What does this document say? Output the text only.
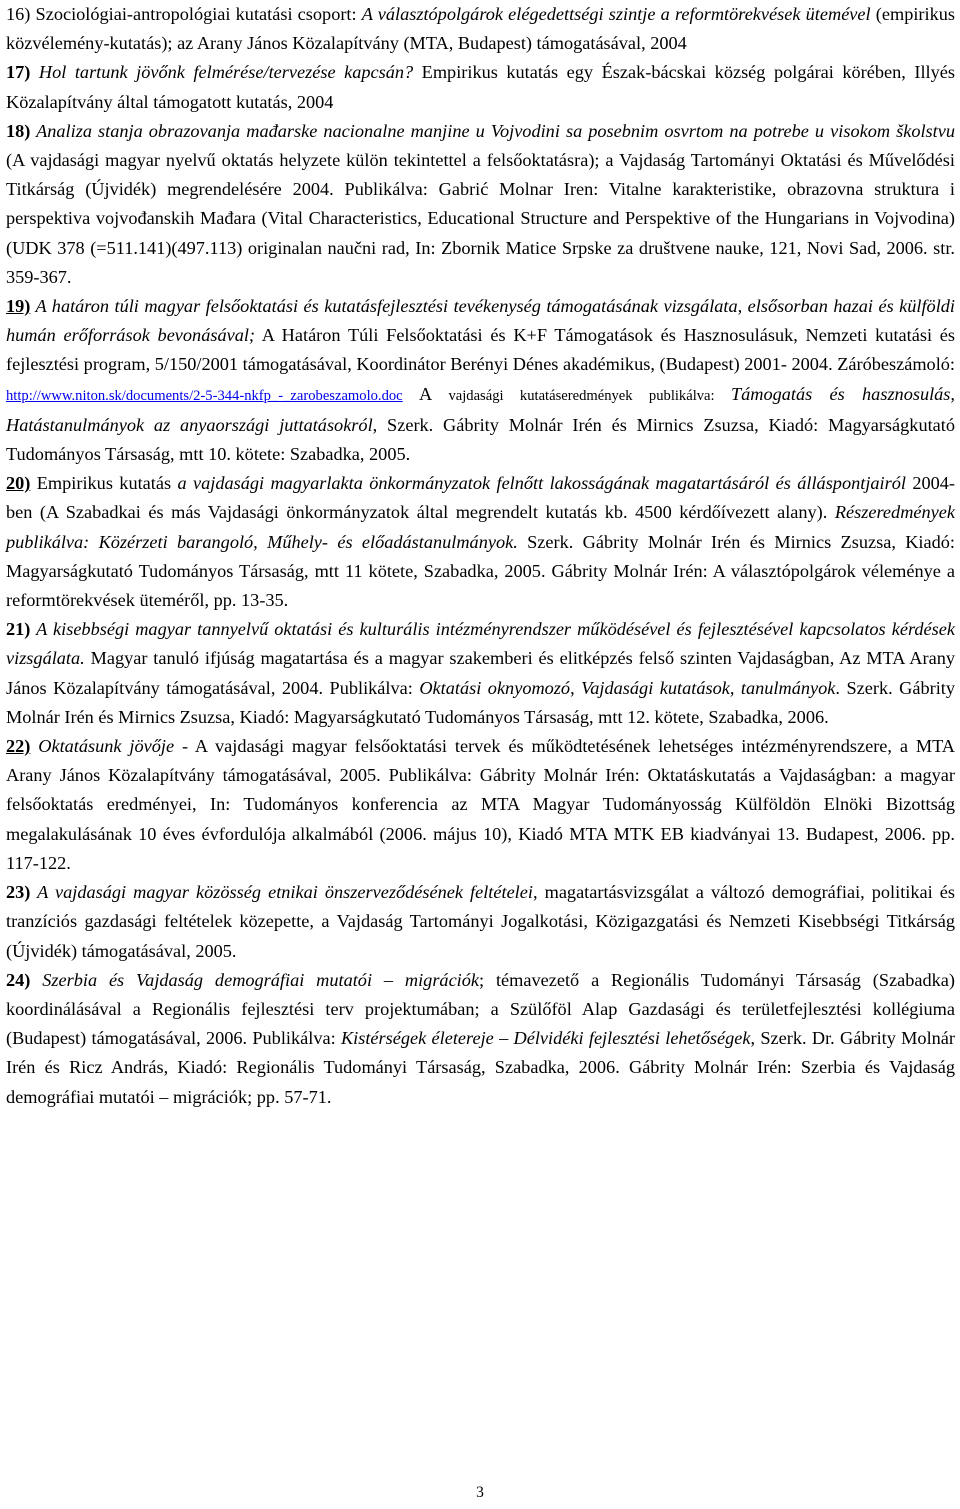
16) Szociológiai-antropológiai kutatási csoport: A választópolgárok elégedettségi szintje a reformtörekvések ütemével (empirikus közvélemény-kutatás); az Arany János Közalapítvány (MTA, Budapest) támogatásával, 2004

17) Hol tartunk jövőnk felmérése/tervezése kapcsán? Empirikus kutatás egy Észak-bácskai község polgárai körében, Illyés Közalapítvány által támogatott kutatás, 2004

18) Analiza stanja obrazovanja mađarske nacionalne manjine u Vojvodini sa posebnim osvrtom na potrebe u visokom školstvu (A vajdasági magyar nyelvű oktatás helyzete külön tekintettel a felsőoktatásra); a Vajdaság Tartományi Oktatási és Művelődési Titkárság (Újvidék) megrendelésére 2004. Publikálva: Gabrić Molnar Iren: Vitalne karakteristike, obrazovna struktura i perspektiva vojvođanskih Mađara (Vital Characteristics, Educational Structure and Perspektive of the Hungarians in Vojvodina) (UDK 378 (=511.141)(497.113) originalan naučni rad, In: Zbornik Matice Srpske za društvene nauke, 121, Novi Sad, 2006. str. 359-367.

19) A határon túli magyar felsőoktatási és kutatásfejlesztési tevékenység támogatásának vizsgálata, elsősorban hazai és külföldi humán erőforrások bevonásával; A Határon Túli Felsőoktatási és K+F Támogatások és Hasznosulásuk, Nemzeti kutatási és fejlesztési program, 5/150/2001 támogatásával, Koordinátor Berényi Dénes akadémikus, (Budapest) 2001- 2004. Záróbeszámoló: http://www.niton.sk/documents/2-5-344-nkfp_-_zarobeszamolo.doc A vajdasági kutatáseredmények publikálva: Támogatás és hasznosulás, Hatástanulmányok az anyaországi juttatásokról, Szerk. Gábrity Molnár Irén és Mirnics Zsuzsa, Kiadó: Magyarságkutató Tudományos Társaság, mtt 10. kötete: Szabadka, 2005.

20) Empirikus kutatás a vajdasági magyarlakta önkormányzatok felnőtt lakosságának magatartásáról és álláspontjairól 2004-ben (A Szabadkai és más Vajdasági önkormányzatok által megrendelt kutatás kb. 4500 kérdőívezett alany). Részeredmények publikálva: Közérzeti barangoló, Műhely- és előadástanulmányok. Szerk. Gábrity Molnár Irén és Mirnics Zsuzsa, Kiadó: Magyarságkutató Tudományos Társaság, mtt 11 kötete, Szabadka, 2005. Gábrity Molnár Irén: A választópolgárok véleménye a reformtörekvések üteméről, pp. 13-35.

21) A kisebbségi magyar tannyelvű oktatási és kulturális intézményrendszer működésével és fejlesztésével kapcsolatos kérdések vizsgálata. Magyar tanuló ifjúság magatartása és a magyar szakemberi és elitképzés felső szinten Vajdaságban, Az MTA Arany János Közalapítvány támogatásával, 2004. Publikálva: Oktatási oknyomozó, Vajdasági kutatások, tanulmányok. Szerk. Gábrity Molnár Irén és Mirnics Zsuzsa, Kiadó: Magyarságkutató Tudományos Társaság, mtt 12. kötete, Szabadka, 2006.

22) Oktatásunk jövője - A vajdasági magyar felsőoktatási tervek és működtetésének lehetséges intézményrendszere, a MTA Arany János Közalapítvány támogatásával, 2005. Publikálva: Gábrity Molnár Irén: Oktatáskutatás a Vajdaságban: a magyar felsőoktatás eredményei, In: Tudományos konferencia az MTA Magyar Tudományosság Külföldön Elnöki Bizottság megalakulásának 10 éves évfordulója alkalmából (2006. május 10), Kiadó MTA MTK EB kiadványai 13. Budapest, 2006. pp. 117-122.

23) A vajdasági magyar közösség etnikai önszerveződésének feltételei, magatartásvizsgálat a változó demográfiai, politikai és tranzíciós gazdasági feltételek közepette, a Vajdaság Tartományi Jogalkotási, Közigazgatási és Nemzeti Kisebbségi Titkárság (Újvidék) támogatásával, 2005.

24) Szerbia és Vajdaság demográfiai mutatói – migrációk; témavezető a Regionális Tudományi Társaság (Szabadka) koordinálásával a Regionális fejlesztési terv projektumában; a Szülőföl Alap Gazdasági és területfejlesztési kollégiuma (Budapest) támogatásával, 2006. Publikálva: Kistérségek életereje – Délvidéki fejlesztési lehetőségek, Szerk. Dr. Gábrity Molnár Irén és Ricz András, Kiadó: Regionális Tudományi Társaság, Szabadka, 2006. Gábrity Molnár Irén: Szerbia és Vajdaság demográfiai mutatói – migrációk; pp. 57-71.

3
